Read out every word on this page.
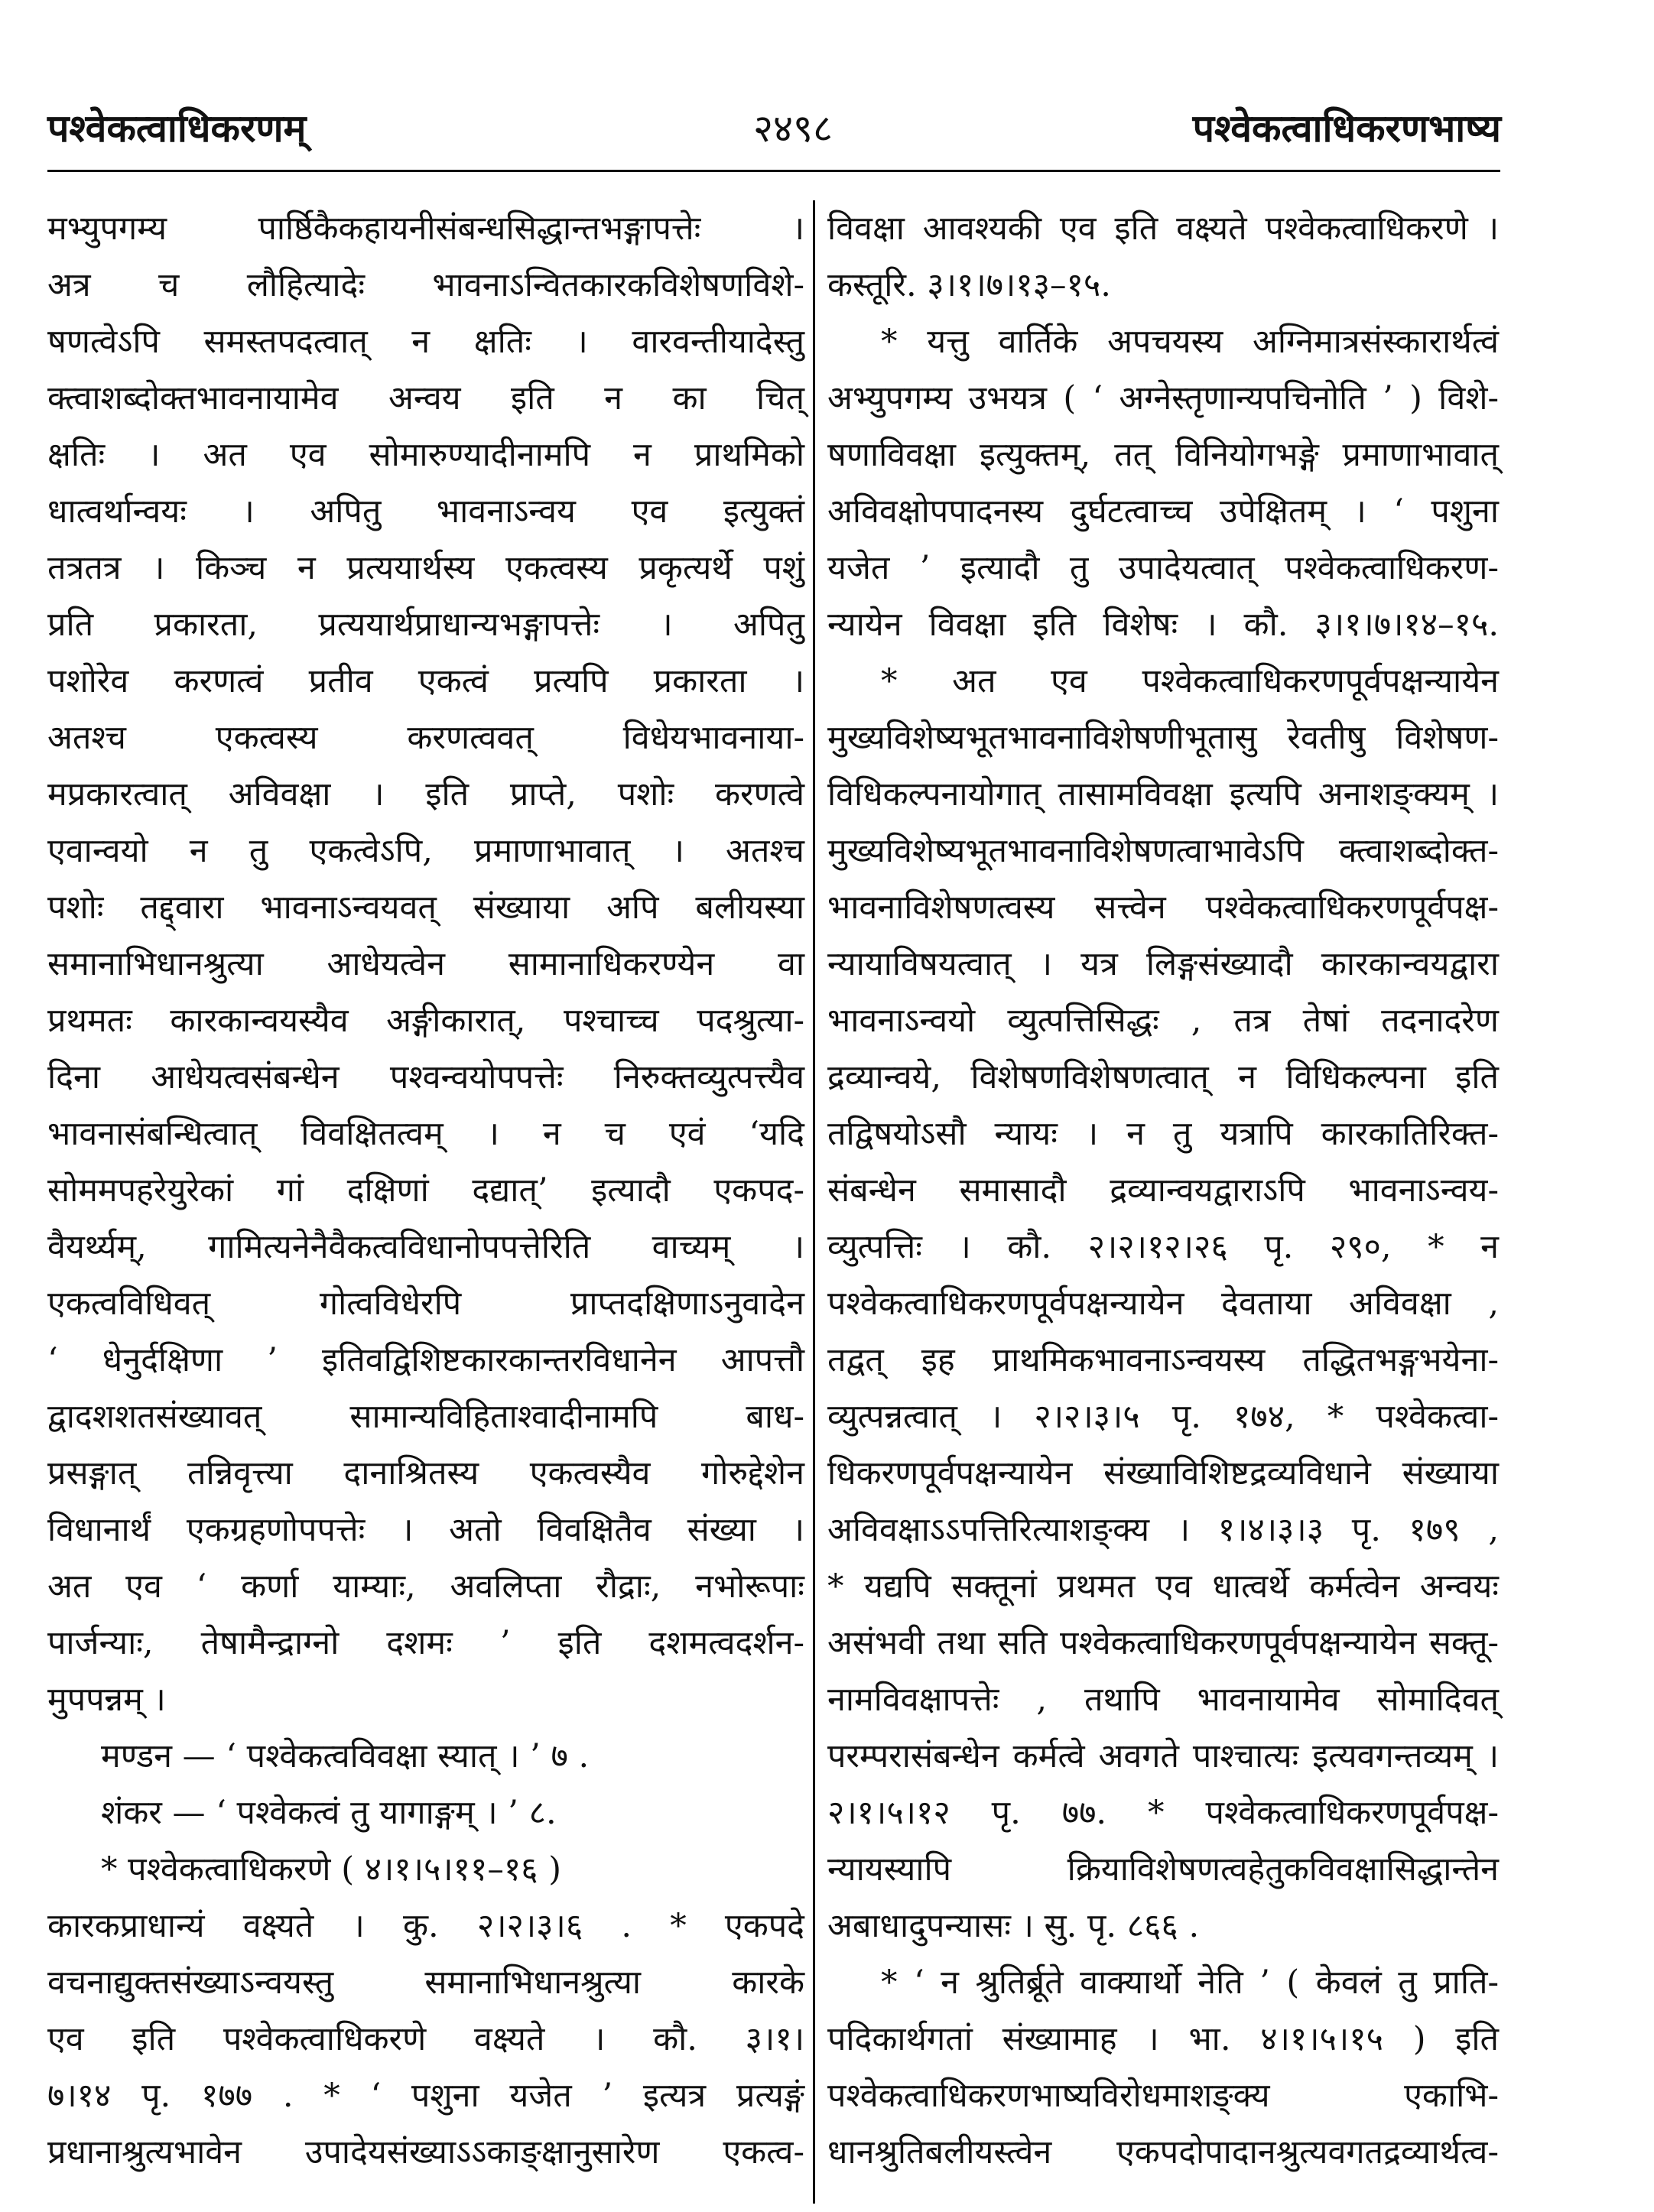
पश्वेकत्वाधिकरणम्	२४९८	पश्वेकत्वाधिकरणभाष्य
मभ्युपगम्य पार्ष्ठिकैकहायनीसंबन्धसिद्धान्तभङ्गापत्तेः ।
अत्र च लौहित्यादेः भावनाऽन्वितकारकविशेषणविशे-
षणत्वेऽपि समस्तपदत्वात् न क्षतिः । वारवन्तीयादेस्तु
क्त्वाशब्दोक्तभावनायामेव अन्वय इति न का चित्
क्षतिः । अत एव सोमारुण्यादीनामपि न प्राथमिको
धात्वर्थान्वयः । अपितु भावनाऽन्वय एव इत्युक्तं
तत्रतत्र । किञ्च न प्रत्ययार्थस्य एकत्वस्य प्रकृत्यर्थे पशुं
प्रति प्रकारता, प्रत्ययार्थप्राधान्यभङ्गापत्तेः । अपितु
पशोरेव करणत्वं प्रतीव एकत्वं प्रत्यपि प्रकारता ।
अतश्च एकत्वस्य करणत्ववत् विधेयभावनाया-
मप्रकारत्वात् अविवक्षा । इति प्राप्ते, पशोः करणत्वे
एवान्वयो न तु एकत्वेऽपि, प्रमाणाभावात् । अतश्च
पशोः तद्द्वारा भावनाऽन्वयवत् संख्याया अपि बलीयस्या
समानाभिधानश्रुत्या आधेयत्वेन सामानाधिकरण्येन वा
प्रथमतः कारकान्वयस्यैव अङ्गीकारात्, पश्चाच्च पदश्रुत्या-
दिना आधेयत्वसंबन्धेन पश्वन्वयोपपत्तेः निरुक्तव्युत्पत्त्यैव
भावनासंबन्धित्वात् विवक्षितत्वम् । न च एवं ‘यदि
सोममपहरेयुरेकां गां दक्षिणां दद्यात्’ इत्यादौ एकपद-
वैयर्थ्यम्, गामित्यनेनैवैकत्वविधानोपपत्तेरिति वाच्यम् ।
एकत्वविधिवत् गोत्वविधेरपि प्राप्तदक्षिणाऽनुवादेन
‘ धेनुर्दक्षिणा ’ इतिवद्विशिष्टकारकान्तरविधानेन आपत्तौ
द्वादशशतसंख्यावत् सामान्यविहिताश्वादीनामपि बाध-
प्रसङ्गात् तन्निवृत्त्या दानाश्रितस्य एकत्वस्यैव गोरुद्देशेन
विधानार्थं एकग्रहणोपपत्तेः । अतो विवक्षितैव संख्या ।
अत एव ‘ कर्णा याम्याः, अवलिप्ता रौद्राः, नभोरूपाः
पार्जन्याः, तेषामैन्द्राग्नो दशमः ’ इति दशमत्वदर्शन-
मुपपन्नम् ।
मण्डन — ‘ पश्वेकत्वविवक्षा स्यात् । ’ ७ .
शंकर — ‘ पश्वेकत्वं तु यागाङ्गम् । ’ ८.
* पश्वेकत्वाधिकरणे ( ४।१।५।११–१६ )
कारकप्राधान्यं वक्ष्यते । कु. २।२।३।६ . * एकपदे
वचनाद्युक्तसंख्याऽन्वयस्तु समानाभिधानश्रुत्या कारके
एव इति पश्वेकत्वाधिकरणे वक्ष्यते । कौ. ३।१।
७।१४ पृ. १७७ . * ‘ पशुना यजेत ’ इत्यत्र प्रत्यङ्गं
प्रधानाश्रुत्यभावेन उपादेयसंख्याऽऽकाङ्क्षानुसारेण एकत्व-
विवक्षा आवश्यकी एव इति वक्ष्यते पश्वेकत्वाधिकरणे ।
कस्तूरि. ३।१।७।१३–१५.
* यत्तु वार्तिके अपचयस्य अग्निमात्रसंस्कारार्थत्वं
अभ्युपगम्य उभयत्र ( ‘ अग्नेस्तृणान्यपचिनोति ’ ) विशे-
षणाविवक्षा इत्युक्तम्, तत् विनियोगभङ्गे प्रमाणाभावात्
अविवक्षोपपादनस्य दुर्घटत्वाच्च उपेक्षितम् । ‘ पशुना
यजेत ’ इत्यादौ तु उपादेयत्वात् पश्वेकत्वाधिकरण-
न्यायेन विवक्षा इति विशेषः । कौ. ३।१।७।१४–१५.
* अत एव पश्वेकत्वाधिकरणपूर्वपक्षन्यायेन
मुख्यविशेष्यभूतभावनाविशेषणीभूतासु रेवतीषु विशेषण-
विधिकल्पनायोगात् तासामविवक्षा इत्यपि अनाशङ्क्यम् ।
मुख्यविशेष्यभूतभावनाविशेषणत्वाभावेऽपि क्त्वाशब्दोक्त-
भावनाविशेषणत्वस्य सत्त्वेन पश्वेकत्वाधिकरणपूर्वपक्ष-
न्यायाविषयत्वात् । यत्र लिङ्गसंख्यादौ कारकान्वयद्वारा
भावनाऽन्वयो व्युत्पत्तिसिद्धः , तत्र तेषां तदनादरेण
द्रव्यान्वये, विशेषणविशेषणत्वात् न विधिकल्पना इति
तद्विषयोऽसौ न्यायः । न तु यत्रापि कारकातिरिक्त-
संबन्धेन समासादौ द्रव्यान्वयद्वाराऽपि भावनाऽन्वय-
व्युत्पत्तिः । कौ. २।२।१२।२६ पृ. २९०, * न
पश्वेकत्वाधिकरणपूर्वपक्षन्यायेन देवताया अविवक्षा ,
तद्वत् इह प्राथमिकभावनाऽन्वयस्य तद्धितभङ्गभयेना-
व्युत्पन्नत्वात् । २।२।३।५ पृ. १७४, * पश्वेकत्वा-
धिकरणपूर्वपक्षन्यायेन संख्याविशिष्टद्रव्यविधाने संख्याया
अविवक्षाऽऽपत्तिरित्याशङ्क्य । १।४।३।३ पृ. १७९ ,
* यद्यपि सक्तूनां प्रथमत एव धात्वर्थे कर्मत्वेन अन्वयः
असंभवी तथा सति पश्वेकत्वाधिकरणपूर्वपक्षन्यायेन सक्तू-
नामविवक्षापत्तेः , तथापि भावनायामेव सोमादिवत्
परम्परासंबन्धेन कर्मत्वे अवगते पाश्चात्यः इत्यवगन्तव्यम् ।
२।१।५।१२ पृ. ७७. * पश्वेकत्वाधिकरणपूर्वपक्ष-
न्यायस्यापि क्रियाविशेषणत्वहेतुकविवक्षासिद्धान्तेन
अबाधादुपन्यासः । सु. पृ. ८६६ .
* ‘ न श्रुतिर्ब्रूते वाक्यार्थो नेति ’ ( केवलं तु प्राति-
पदिकार्थगतां संख्यामाह । भा. ४।१।५।१५ ) इति
पश्वेकत्वाधिकरणभाष्यविरोधमाशङ्क्य एकाभि-
धानश्रुतिबलीयस्त्वेन एकपदोपादानश्रुत्यवगतद्रव्यार्थत्व-
